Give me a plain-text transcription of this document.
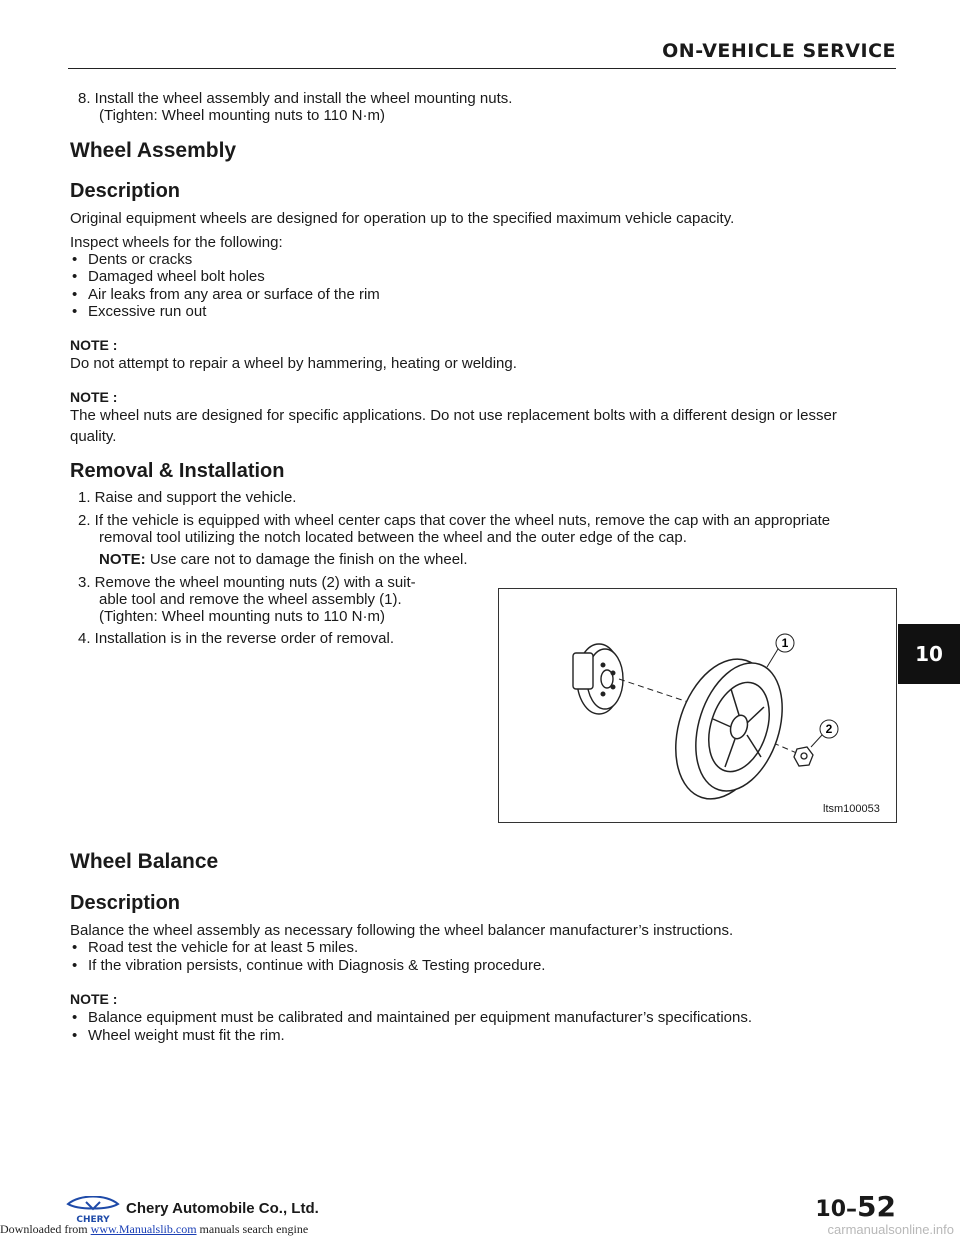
ON-VEHICLE SERVICE
8. Install the wheel assembly and install the wheel mounting nuts.
(Tighten: Wheel mounting nuts to 110 N·m)
Wheel Assembly
Description
Original equipment wheels are designed for operation up to the specified maximum vehicle capacity.
Inspect wheels for the following:
• Dents or cracks
• Damaged wheel bolt holes
• Air leaks from any area or surface of the rim
• Excessive run out
NOTE :
Do not attempt to repair a wheel by hammering, heating or welding.
NOTE :
The wheel nuts are designed for specific applications. Do not use replacement bolts with a different design or lesser
quality.
Removal & Installation
1. Raise and support the vehicle.
2. If the vehicle is equipped with wheel center caps that cover the wheel nuts, remove the cap with an appropriate
removal tool utilizing the notch located between the wheel and the outer edge of the cap.
NOTE: Use care not to damage the finish on the wheel.
3. Remove the wheel mounting nuts (2) with a suit-
able tool and remove the wheel assembly (1).
(Tighten: Wheel mounting nuts to 110 N·m)
4. Installation is in the reverse order of removal.	1
2
ltsm100053
10
Wheel Balance
Description
Balance the wheel assembly as necessary following the wheel balancer manufacturer’s instructions.
• Road test the vehicle for at least 5 miles.
• If the vibration persists, continue with Diagnosis & Testing procedure.
NOTE :
• Balance equipment must be calibrated and maintained per equipment manufacturer’s specifications.
• Wheel weight must fit the rim.
CHERY
Chery Automobile Co., Ltd.	10–52
Downloaded from www.Manualslib.com manuals search engine	carmanualsonline.info
